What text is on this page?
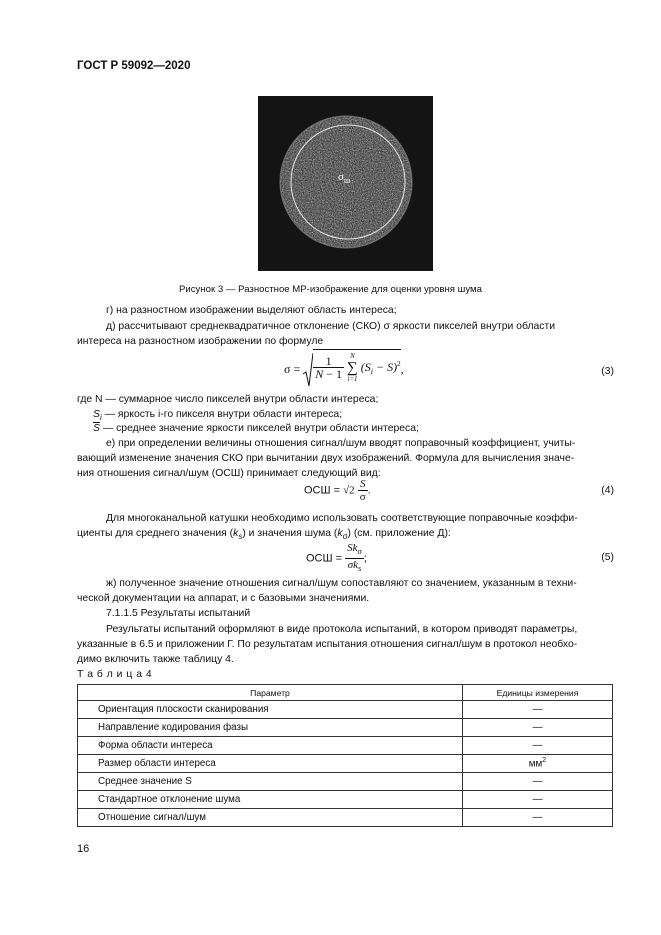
ГОСТ Р 59092—2020
$\sigma_ш$
Рисунок 3 — Разностное МР-изображение для оценки уровня шума
г) на разностном изображении выделяют область интереса;
д) рассчитывают среднеквадратичное отклонение (СКО) σ яркости пикселей внутри области
интереса на разностном изображении по формуле
$\sigma = \frac{1}{N - 1}$
N
∑
i=1
$(S_i - S)^2$,	(3)
где N — суммарное число пикселей внутри области интереса;
$S_i$ — яркость i-го пикселя внутри области интереса;
$\overline{S}$ — среднее значение яркости пикселей внутри области интереса;
е) при определении величины отношения сигнал/шум вводят поправочный коэффициент, учиты-
вающий изменение значения СКО при вычитании двух изображений. Формула для вычисления значе-
ния отношения сигнал/шум (ОСШ) принимает следующий вид:
ОСШ = $√2 \frac{S}{\sigma}$ .	(4)
Для многоканальной катушки необходимо использовать соответствующие поправочные коэффи-
циенты для среднего значения $(k_s)$ и значения шума $(k_\sigma)$ (см. приложение Д):
ОСШ = $\frac{Sk_\sigma}{\sigma k_s}$ ;	(5)
ж) полученное значение отношения сигнал/шум сопоставляют со значением, указанным в техни-
ческой документации на аппарат, и с базовыми значениями.
7.1.1.5 Результаты испытаний
Результаты испытаний оформляют в виде протокола испытаний, в котором приводят параметры,
указанные в 6.5 и приложении Г. По результатам испытания отношения сигнал/шум в протокол необхо-
димо включить также таблицу 4.
Т а б л и ц а 4
Параметр	Единицы измерения
Ориентация плоскости сканирования	—
Направление кодирования фазы	—
Форма области интереса	—
Размер области интереса	$мм^2$
Среднее значение S	—
Стандартное отклонение шума	—
Отношение сигнал/шум	—
16
